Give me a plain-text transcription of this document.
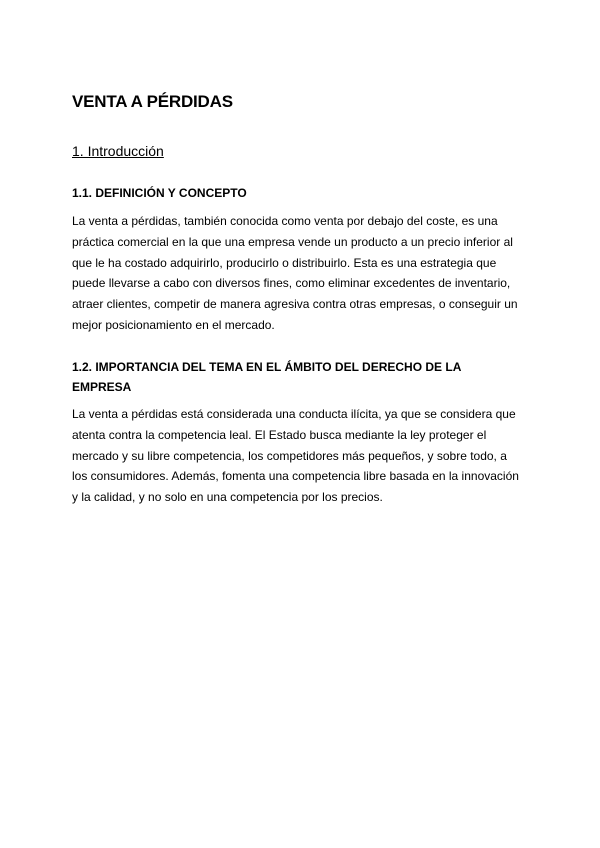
VENTA A PÉRDIDAS
1. Introducción
1.1. DEFINICIÓN Y CONCEPTO

La venta a pérdidas, también conocida como venta por debajo del coste, es una
práctica comercial en la que una empresa vende un producto a un precio inferior al
que le ha costado adquirirlo, producirlo o distribuirlo. Esta es una estrategia que
puede llevarse a cabo con diversos fines, como eliminar excedentes de inventario,
atraer clientes, competir de manera agresiva contra otras empresas, o conseguir un
mejor posicionamiento en el mercado.

1.2. IMPORTANCIA DEL TEMA EN EL ÁMBITO DEL DERECHO DE LA
EMPRESA

La venta a pérdidas está considerada una conducta ilícita, ya que se considera que
atenta contra la competencia leal. El Estado busca mediante la ley proteger el
mercado y su libre competencia, los competidores más pequeños, y sobre todo, a
los consumidores. Además, fomenta una competencia libre basada en la innovación
y la calidad, y no solo en una competencia por los precios.
